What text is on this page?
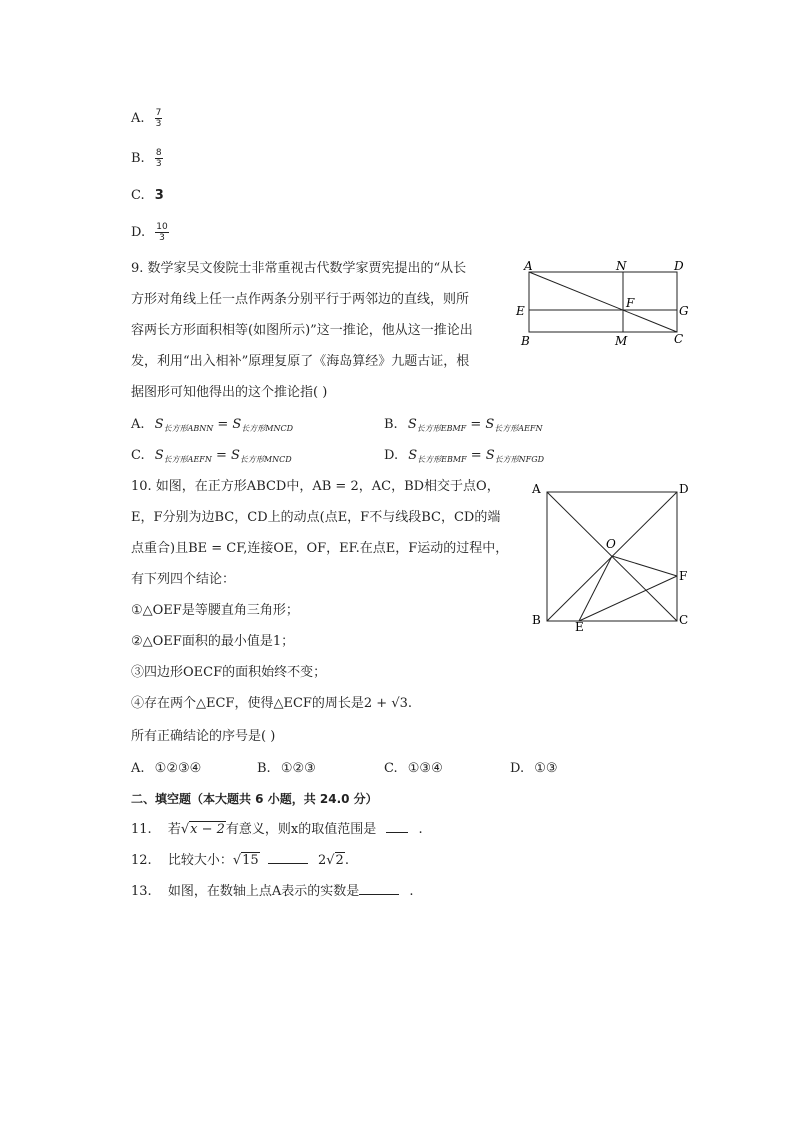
A. $\frac{7}{3}$
B. $\frac{8}{3}$
C. 3
D. $\frac{10}{3}$
9. 数学家吴文俊院士非常重视古代数学家贾宪提出的“从长
方形对角线上任一点作两条分别平行于两邻边的直线，则所
容两长方形面积相等(如图所示)”这一推论，他从这一推论出
发，利用“出入相补”原理复原了《海岛算经》九题古证，根
据图形可知他得出的这个推论指( )
A	N	D
E
F
G
B	M	C
A. $S_{长方形ABNN} = S_{长方形MNCD}$	B. $S_{长方形EBMF} = S_{长方形AEFN}$
C. $S_{长方形AEFN} = S_{长方形MNCD}$	D. $S_{长方形EBMF} = S_{长方形NFGD}$
10. 如图，在正方形ABCD中，AB = 2，AC，BD相交于点O，
E，F分别为边BC，CD上的动点(点E，F不与线段BC，CD的端
点重合)且BE = CF,连接OE，OF，EF.在点E，F运动的过程中，
有下列四个结论：
①△OEF是等腰直角三角形；
②△OEF面积的最小值是1；
③四边形OECF的面积始终不变；
④存在两个△ECF，使得△ECF的周长是2 + √3.
所有正确结论的序号是( )
A	D
O
F
B	E	C
A. ①②③④	B. ①②③	C. ①③④	D. ①③
二、填空题（本大题共 6 小题，共 24.0 分）
11. 若√x − 2有意义，则x的取值范围是	.
12. 比较大小：√15	2√2.
13. 如图，在数轴上点A表示的实数是	.
